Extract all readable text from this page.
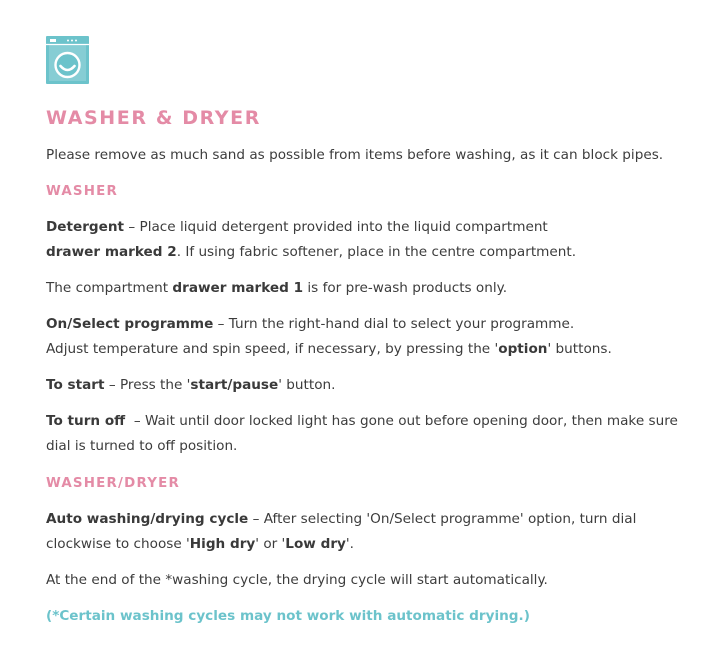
WASHER & DRYER

Please remove as much sand as possible from items before washing, as it can block pipes.

WASHER

Detergent – Place liquid detergent provided into the liquid compartment
drawer marked 2. If using fabric softener, place in the centre compartment.

The compartment drawer marked 1 is for pre-wash products only.

On/Select programme – Turn the right-hand dial to select your programme.
Adjust temperature and spin speed, if necessary, by pressing the 'option' buttons.

To start – Press the 'start/pause' button.

To turn off  – Wait until door locked light has gone out before opening door, then make sure
dial is turned to off position.

WASHER/DRYER

Auto washing/drying cycle – After selecting 'On/Select programme' option, turn dial
clockwise to choose 'High dry' or 'Low dry'.

At the end of the *washing cycle, the drying cycle will start automatically.

(*Certain washing cycles may not work with automatic drying.)
